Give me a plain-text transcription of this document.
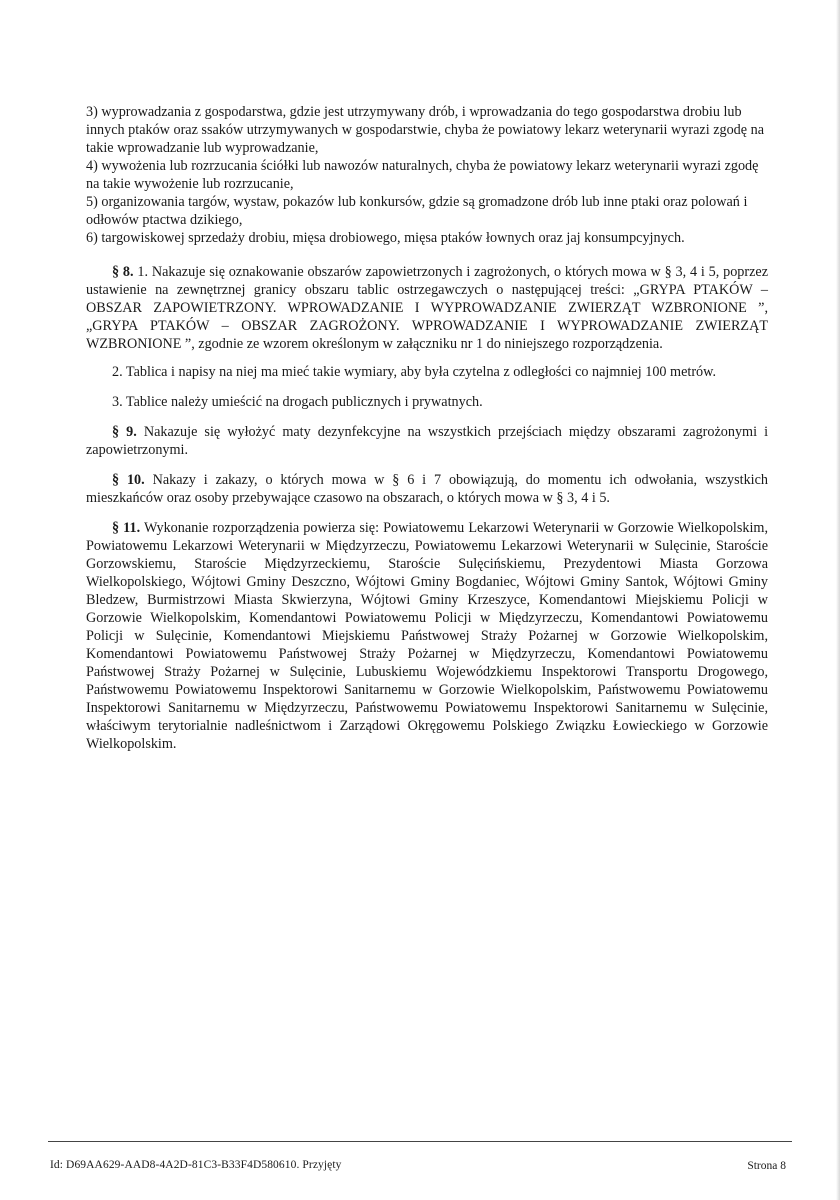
3) wyprowadzania z gospodarstwa, gdzie jest utrzymywany drób, i wprowadzania do tego gospodarstwa drobiu lub innych ptaków oraz ssaków utrzymywanych w gospodarstwie, chyba że powiatowy lekarz weterynarii wyrazi zgodę na takie wprowadzanie lub wyprowadzanie,

4) wywożenia lub rozrzucania ściółki lub nawozów naturalnych, chyba że powiatowy lekarz weterynarii wyrazi zgodę na takie wywożenie lub rozrzucanie,

5) organizowania targów, wystaw, pokazów lub konkursów, gdzie są gromadzone drób lub inne ptaki oraz polowań i odłowów ptactwa dzikiego,

6) targowiskowej sprzedaży drobiu, mięsa drobiowego, mięsa ptaków łownych oraz jaj konsumpcyjnych.

§ 8. 1. Nakazuje się oznakowanie obszarów zapowietrzonych i zagrożonych, o których mowa w § 3, 4 i 5, poprzez ustawienie na zewnętrznej granicy obszaru tablic ostrzegawczych o następującej treści: „GRYPA PTAKÓW – OBSZAR ZAPOWIETRZONY. WPROWADZANIE I WYPROWADZANIE ZWIERZĄT WZBRONIONE ”, „GRYPA PTAKÓW – OBSZAR ZAGROŻONY. WPROWADZANIE I WYPROWADZANIE ZWIERZĄT WZBRONIONE ”, zgodnie ze wzorem określonym w załączniku nr 1 do niniejszego rozporządzenia.

2. Tablica i napisy na niej ma mieć takie wymiary, aby była czytelna z odległości co najmniej 100 metrów.

3. Tablice należy umieścić na drogach publicznych i prywatnych.

§ 9. Nakazuje się wyłożyć maty dezynfekcyjne na wszystkich przejściach między obszarami zagrożonymi i zapowietrzonymi.

§ 10. Nakazy i zakazy, o których mowa w § 6 i 7 obowiązują, do momentu ich odwołania, wszystkich mieszkańców oraz osoby przebywające czasowo na obszarach, o których mowa w § 3, 4 i 5.

§ 11. Wykonanie rozporządzenia powierza się: Powiatowemu Lekarzowi Weterynarii w Gorzowie Wielkopolskim, Powiatowemu Lekarzowi Weterynarii w Międzyrzeczu, Powiatowemu Lekarzowi Weterynarii w Sulęcinie, Staroście Gorzowskiemu, Staroście Międzyrzeckiemu, Staroście Sulęcińskiemu, Prezydentowi Miasta Gorzowa Wielkopolskiego, Wójtowi Gminy Deszczno, Wójtowi Gminy Bogdaniec, Wójtowi Gminy Santok, Wójtowi Gminy Bledzew, Burmistrzowi Miasta Skwierzyna, Wójtowi Gminy Krzeszyce, Komendantowi Miejskiemu Policji w Gorzowie Wielkopolskim, Komendantowi Powiatowemu Policji w Międzyrzeczu, Komendantowi Powiatowemu Policji w Sulęcinie, Komendantowi Miejskiemu Państwowej Straży Pożarnej w Gorzowie Wielkopolskim, Komendantowi Powiatowemu Państwowej Straży Pożarnej w Międzyrzeczu, Komendantowi Powiatowemu Państwowej Straży Pożarnej w Sulęcinie, Lubuskiemu Wojewódzkiemu Inspektorowi Transportu Drogowego, Państwowemu Powiatowemu Inspektorowi Sanitarnemu w Gorzowie Wielkopolskim, Państwowemu Powiatowemu Inspektorowi Sanitarnemu w Międzyrzeczu, Państwowemu Powiatowemu Inspektorowi Sanitarnemu w Sulęcinie, właściwym terytorialnie nadleśnictwom i Zarządowi Okręgowemu Polskiego Związku Łowieckiego w Gorzowie Wielkopolskim.

Id: D69AA629-AAD8-4A2D-81C3-B33F4D580610. Przyjęty	Strona 8
